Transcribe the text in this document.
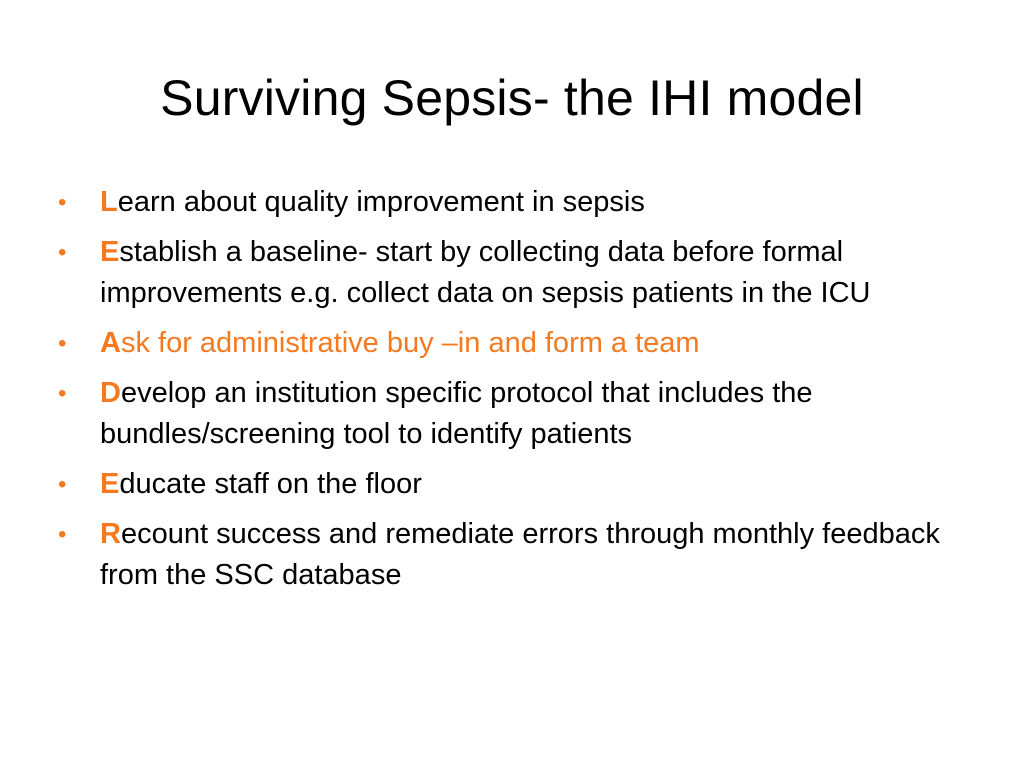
Surviving Sepsis- the IHI model
•	Learn about quality improvement in sepsis
•	Establish a baseline- start by collecting data before formal improvements e.g. collect data on sepsis patients in the ICU
•	Ask for administrative buy –in and form a team
•	Develop an institution specific protocol that includes the bundles/screening tool to identify patients
•	Educate staff on the floor
•	Recount success and remediate errors through monthly feedback from the SSC database
